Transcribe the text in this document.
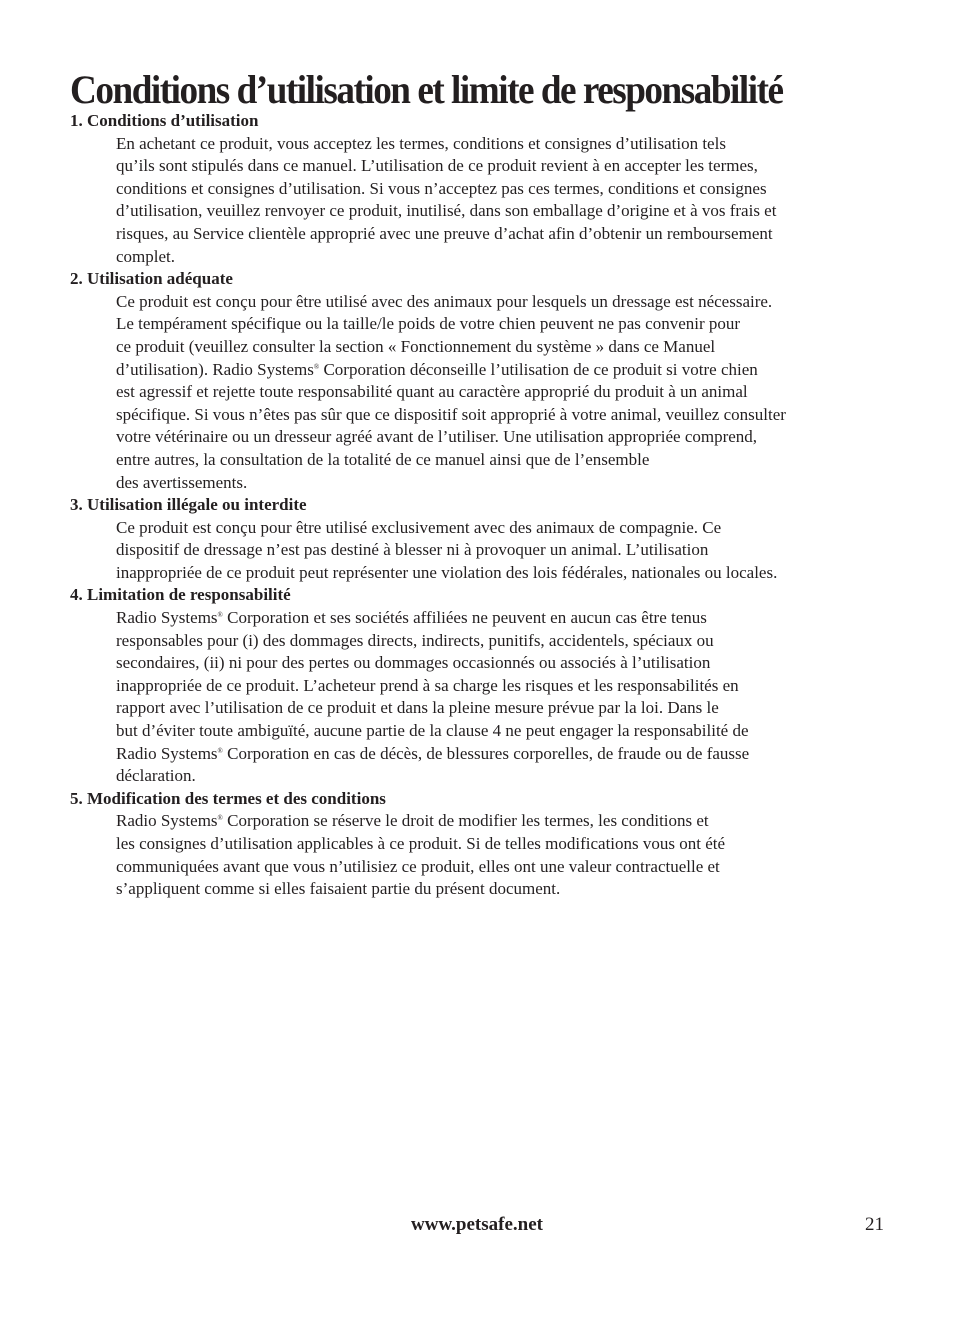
Conditions d’utilisation et limite de responsabilité
1. Conditions d’utilisation
En achetant ce produit, vous acceptez les termes, conditions et consignes d’utilisation tels
qu’ils sont stipulés dans ce manuel. L’utilisation de ce produit revient à en accepter les termes,
conditions et consignes d’utilisation. Si vous n’acceptez pas ces termes, conditions et consignes
d’utilisation, veuillez renvoyer ce produit, inutilisé, dans son emballage d’origine et à vos frais et
risques, au Service clientèle approprié avec une preuve d’achat afin d’obtenir un remboursement
complet.
2. Utilisation adéquate
Ce produit est conçu pour être utilisé avec des animaux pour lesquels un dressage est nécessaire.
Le tempérament spécifique ou la taille/le poids de votre chien peuvent ne pas convenir pour
ce produit (veuillez consulter la section « Fonctionnement du système » dans ce Manuel
d’utilisation). Radio Systems® Corporation déconseille l’utilisation de ce produit si votre chien
est agressif et rejette toute responsabilité quant au caractère approprié du produit à un animal
spécifique. Si vous n’êtes pas sûr que ce dispositif soit approprié à votre animal, veuillez consulter
votre vétérinaire ou un dresseur agréé avant de l’utiliser. Une utilisation appropriée comprend,
entre autres, la consultation de la totalité de ce manuel ainsi que de l’ensemble
des avertissements.
3. Utilisation illégale ou interdite
Ce produit est conçu pour être utilisé exclusivement avec des animaux de compagnie. Ce
dispositif de dressage n’est pas destiné à blesser ni à provoquer un animal. L’utilisation
inappropriée de ce produit peut représenter une violation des lois fédérales, nationales ou locales.
4. Limitation de responsabilité
Radio Systems® Corporation et ses sociétés affiliées ne peuvent en aucun cas être tenus
responsables pour (i) des dommages directs, indirects, punitifs, accidentels, spéciaux ou
secondaires, (ii) ni pour des pertes ou dommages occasionnés ou associés à l’utilisation
inappropriée de ce produit. L’acheteur prend à sa charge les risques et les responsabilités en
rapport avec l’utilisation de ce produit et dans la pleine mesure prévue par la loi. Dans le
but d’éviter toute ambiguïté, aucune partie de la clause 4 ne peut engager la responsabilité de
Radio Systems® Corporation en cas de décès, de blessures corporelles, de fraude ou de fausse
déclaration.
5. Modification des termes et des conditions
Radio Systems® Corporation se réserve le droit de modifier les termes, les conditions et
les consignes d’utilisation applicables à ce produit. Si de telles modifications vous ont été
communiquées avant que vous n’utilisiez ce produit, elles ont une valeur contractuelle et
s’appliquent comme si elles faisaient partie du présent document.
www.petsafe.net	21
